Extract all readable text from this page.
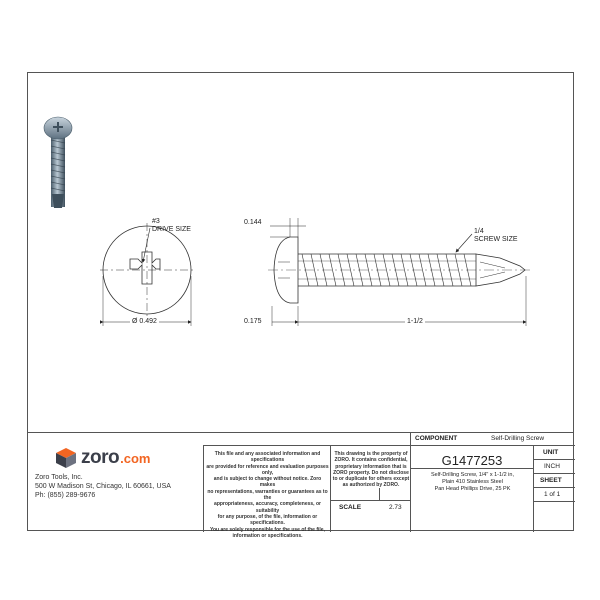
#3
DRIVE SIZE
Ø 0.492
0.144
0.175	1-1/2
1/4
SCREW SIZE
zoro .com
Zoro Tools, Inc.
500 W Madison St, Chicago, IL 60661, USA
Ph: (855) 289-9676
This file and any associated information and specifications
are provided for reference and evaluation purposes only,
and is subject to change without notice. Zoro makes
no representations, warranties or guarantees as to the
appropriateness, accuracy, completeness, or suitability
for any purpose, of the file, information or specifications.
You are solely responsible for the use of the file,
information or specifications.
This drawing is the property of
ZORO. It contains confidential,
proprietary information that is
ZORO property. Do not disclose
to or duplicate for others except
as authorized by ZORO.
SCALE	2.73
COMPONENT	Self-Drilling Screw
G1477253
Self-Drilling Screw, 1/4" x 1-1/2 in,
Plain 410 Stainless Steel
Pan Head Phillips Drive, 25 PK
UNIT
INCH
SHEET
1 of 1
